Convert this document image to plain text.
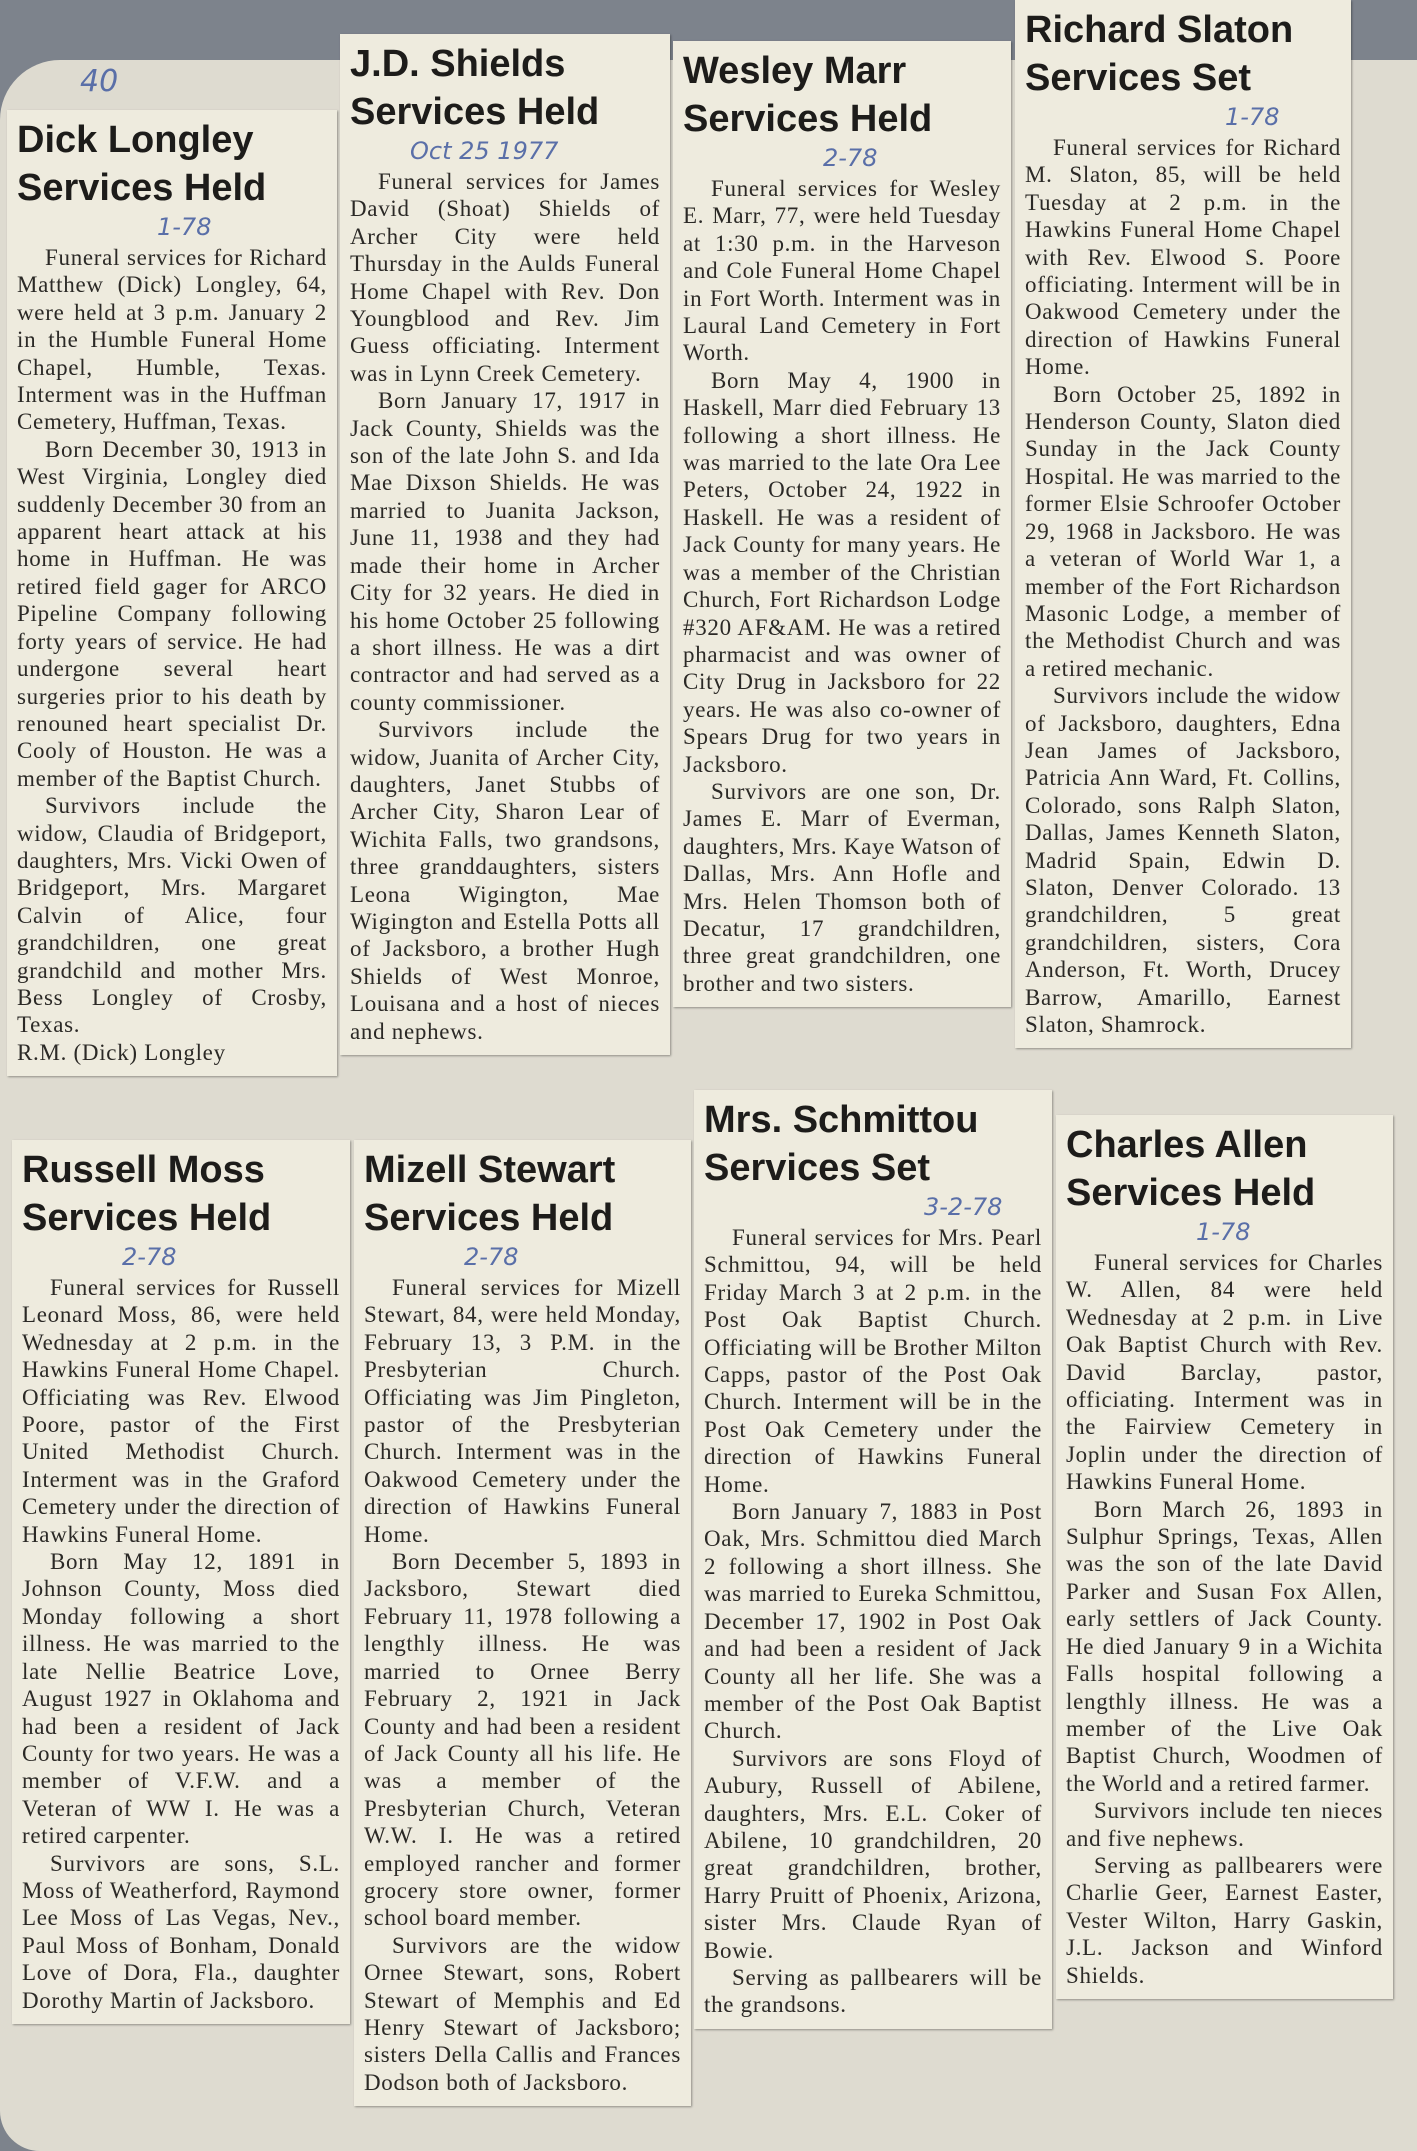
40
Dick Longley Services Held
1-78

Funeral services for Richard Matthew (Dick) Longley, 64, were held at 3 p.m. January 2 in the Humble Funeral Home Chapel, Humble, Texas. Interment was in the Huffman Cemetery, Huffman, Texas.

Born December 30, 1913 in West Virginia, Longley died suddenly December 30 from an apparent heart attack at his home in Huffman. He was retired field gager for ARCO Pipeline Company following forty years of service. He had undergone several heart surgeries prior to his death by renouned heart specialist Dr. Cooly of Houston. He was a member of the Baptist Church.

Survivors include the widow, Claudia of Bridgeport, daughters, Mrs. Vicki Owen of Bridgeport, Mrs. Margaret Calvin of Alice, four grandchildren, one great grandchild and mother Mrs. Bess Longley of Crosby, Texas.

R.M. (Dick) Longley

J.D. Shields Services Held
Oct 25 1977

Funeral services for James David (Shoat) Shields of Archer City were held Thursday in the Aulds Funeral Home Chapel with Rev. Don Youngblood and Rev. Jim Guess officiating. Interment was in Lynn Creek Cemetery.

Born January 17, 1917 in Jack County, Shields was the son of the late John S. and Ida Mae Dixson Shields. He was married to Juanita Jackson, June 11, 1938 and they had made their home in Archer City for 32 years. He died in his home October 25 following a short illness. He was a dirt contractor and had served as a county commissioner.

Survivors include the widow, Juanita of Archer City, daughters, Janet Stubbs of Archer City, Sharon Lear of Wichita Falls, two grandsons, three granddaughters, sisters Leona Wigington, Mae Wigington and Estella Potts all of Jacksboro, a brother Hugh Shields of West Monroe, Louisana and a host of nieces and nephews.

Wesley Marr Services Held
2-78

Funeral services for Wesley E. Marr, 77, were held Tuesday at 1:30 p.m. in the Harveson and Cole Funeral Home Chapel in Fort Worth. Interment was in Laural Land Cemetery in Fort Worth.

Born May 4, 1900 in Haskell, Marr died February 13 following a short illness. He was married to the late Ora Lee Peters, October 24, 1922 in Haskell. He was a resident of Jack County for many years. He was a member of the Christian Church, Fort Richardson Lodge #320 AF&AM. He was a retired pharmacist and was owner of City Drug in Jacksboro for 22 years. He was also co-owner of Spears Drug for two years in Jacksboro.

Survivors are one son, Dr. James E. Marr of Everman, daughters, Mrs. Kaye Watson of Dallas, Mrs. Ann Hofle and Mrs. Helen Thomson both of Decatur, 17 grandchildren, three great grandchildren, one brother and two sisters.

Richard Slaton Services Set
1-78

Funeral services for Richard M. Slaton, 85, will be held Tuesday at 2 p.m. in the Hawkins Funeral Home Chapel with Rev. Elwood S. Poore officiating. Interment will be in Oakwood Cemetery under the direction of Hawkins Funeral Home.

Born October 25, 1892 in Henderson County, Slaton died Sunday in the Jack County Hospital. He was married to the former Elsie Schroofer October 29, 1968 in Jacksboro. He was a veteran of World War 1, a member of the Fort Richardson Masonic Lodge, a member of the Methodist Church and was a retired mechanic.

Survivors include the widow of Jacksboro, daughters, Edna Jean James of Jacksboro, Patricia Ann Ward, Ft. Collins, Colorado, sons Ralph Slaton, Dallas, James Kenneth Slaton, Madrid Spain, Edwin D. Slaton, Denver Colorado. 13 grandchildren, 5 great grandchildren, sisters, Cora Anderson, Ft. Worth, Drucey Barrow, Amarillo, Earnest Slaton, Shamrock.

Russell Moss Services Held
2-78

Funeral services for Russell Leonard Moss, 86, were held Wednesday at 2 p.m. in the Hawkins Funeral Home Chapel. Officiating was Rev. Elwood Poore, pastor of the First United Methodist Church. Interment was in the Graford Cemetery under the direction of Hawkins Funeral Home.

Born May 12, 1891 in Johnson County, Moss died Monday following a short illness. He was married to the late Nellie Beatrice Love, August 1927 in Oklahoma and had been a resident of Jack County for two years. He was a member of V.F.W. and a Veteran of WW I. He was a retired carpenter.

Survivors are sons, S.L. Moss of Weatherford, Raymond Lee Moss of Las Vegas, Nev., Paul Moss of Bonham, Donald Love of Dora, Fla., daughter Dorothy Martin of Jacksboro.

Mizell Stewart Services Held
2-78

Funeral services for Mizell Stewart, 84, were held Monday, February 13, 3 P.M. in the Presbyterian Church. Officiating was Jim Pingleton, pastor of the Presbyterian Church. Interment was in the Oakwood Cemetery under the direction of Hawkins Funeral Home.

Born December 5, 1893 in Jacksboro, Stewart died February 11, 1978 following a lengthly illness. He was married to Ornee Berry February 2, 1921 in Jack County and had been a resident of Jack County all his life. He was a member of the Presbyterian Church, Veteran W.W. I. He was a retired employed rancher and former grocery store owner, former school board member.

Survivors are the widow Ornee Stewart, sons, Robert Stewart of Memphis and Ed Henry Stewart of Jacksboro; sisters Della Callis and Frances Dodson both of Jacksboro.

Mrs. Schmittou Services Set
3-2-78

Funeral services for Mrs. Pearl Schmittou, 94, will be held Friday March 3 at 2 p.m. in the Post Oak Baptist Church. Officiating will be Brother Milton Capps, pastor of the Post Oak Church. Interment will be in the Post Oak Cemetery under the direction of Hawkins Funeral Home.

Born January 7, 1883 in Post Oak, Mrs. Schmittou died March 2 following a short illness. She was married to Eureka Schmittou, December 17, 1902 in Post Oak and had been a resident of Jack County all her life. She was a member of the Post Oak Baptist Church.

Survivors are sons Floyd of Aubury, Russell of Abilene, daughters, Mrs. E.L. Coker of Abilene, 10 grandchildren, 20 great grandchildren, brother, Harry Pruitt of Phoenix, Arizona, sister Mrs. Claude Ryan of Bowie.

Serving as pallbearers will be the grandsons.

Charles Allen Services Held
1-78

Funeral services for Charles W. Allen, 84 were held Wednesday at 2 p.m. in Live Oak Baptist Church with Rev. David Barclay, pastor, officiating. Interment was in the Fairview Cemetery in Joplin under the direction of Hawkins Funeral Home.

Born March 26, 1893 in Sulphur Springs, Texas, Allen was the son of the late David Parker and Susan Fox Allen, early settlers of Jack County. He died January 9 in a Wichita Falls hospital following a lengthly illness. He was a member of the Live Oak Baptist Church, Woodmen of the World and a retired farmer.

Survivors include ten nieces and five nephews.

Serving as pallbearers were Charlie Geer, Earnest Easter, Vester Wilton, Harry Gaskin, J.L. Jackson and Winford Shields.
